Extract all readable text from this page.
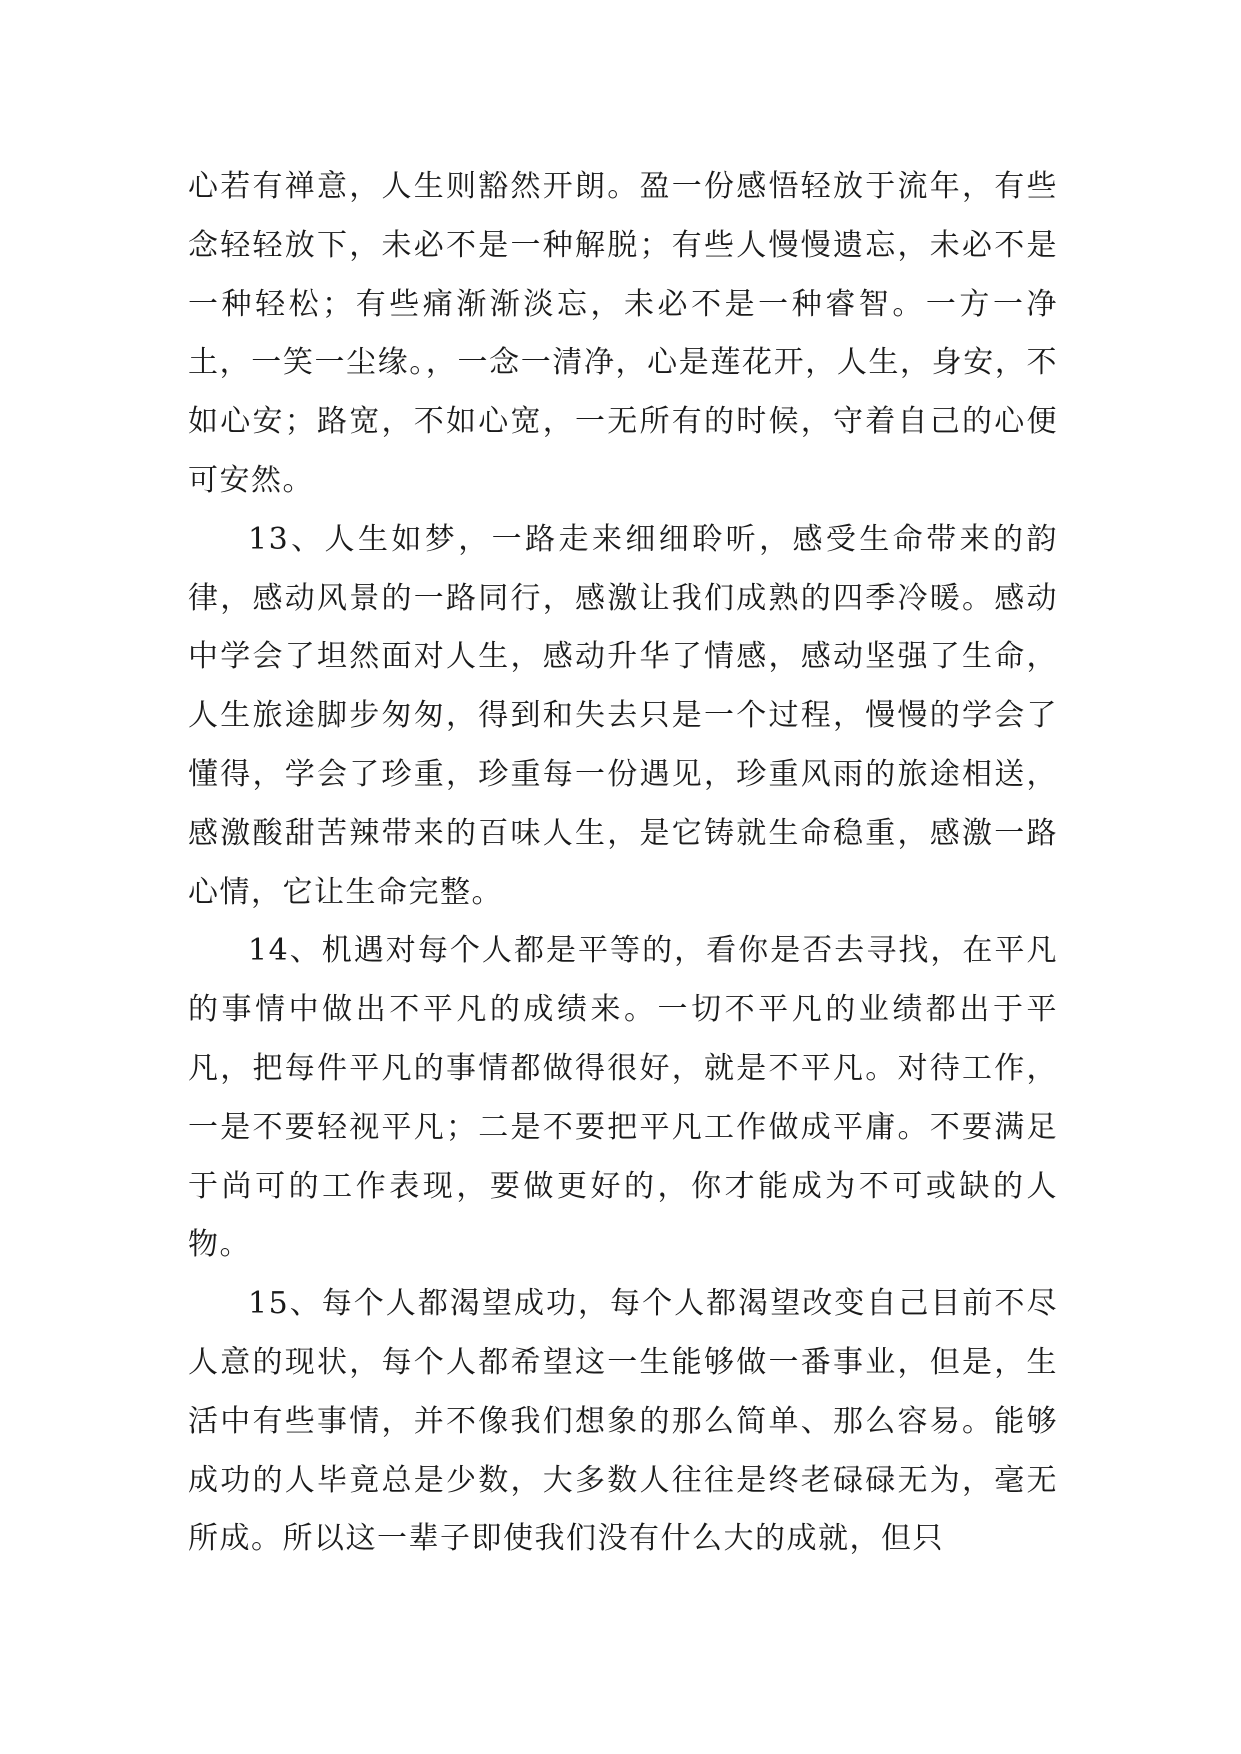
心若有禅意，人生则豁然开朗。盈一份感悟轻放于流年，有些念轻轻放下，未必不是一种解脱；有些人慢慢遗忘，未必不是一种轻松；有些痛渐渐淡忘，未必不是一种睿智。一方一净土，一笑一尘缘。，一念一清净，心是莲花开，人生，身安，不如心安；路宽，不如心宽，一无所有的时候，守着自己的心便可安然。

13、人生如梦，一路走来细细聆听，感受生命带来的韵律，感动风景的一路同行，感激让我们成熟的四季冷暖。感动中学会了坦然面对人生，感动升华了情感，感动坚强了生命，人生旅途脚步匆匆，得到和失去只是一个过程，慢慢的学会了懂得，学会了珍重，珍重每一份遇见，珍重风雨的旅途相送，感激酸甜苦辣带来的百味人生，是它铸就生命稳重，感激一路心情，它让生命完整。

14、机遇对每个人都是平等的，看你是否去寻找，在平凡的事情中做出不平凡的成绩来。一切不平凡的业绩都出于平凡，把每件平凡的事情都做得很好，就是不平凡。对待工作，一是不要轻视平凡；二是不要把平凡工作做成平庸。不要满足于尚可的工作表现，要做更好的，你才能成为不可或缺的人物。

15、每个人都渴望成功，每个人都渴望改变自己目前不尽人意的现状，每个人都希望这一生能够做一番事业，但是，生活中有些事情，并不像我们想象的那么简单、那么容易。能够成功的人毕竟总是少数，大多数人往往是终老碌碌无为，毫无所成。所以这一辈子即使我们没有什么大的成就，但只
